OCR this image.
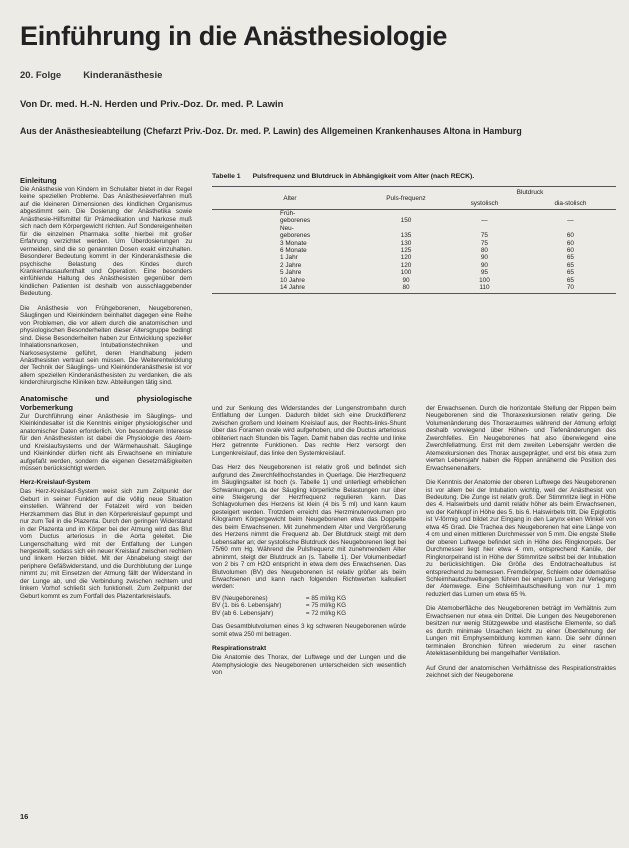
Einführung in die Anästhesiologie
20. Folge Kinderanästhesie
Von Dr. med. H.-N. Herden und Priv.-Doz. Dr. med. P. Lawin
Aus der Anästhesieabteilung (Chefarzt Priv.-Doz. Dr. med. P. Lawin) des Allgemeinen Krankenhauses Altona in Hamburg
Einleitung

Die Anästhesie von Kindern im Schulalter bietet in der Regel keine speziellen Probleme. Das Anästhesieverfahren muß auf die kleineren Dimensionen des kindlichen Organismus abgestimmt sein. Die Dosierung der Anästhetika sowie Anästhesie-Hilfsmittel für Prämedikation und Narkose muß sich nach dem Körpergewicht richten. Auf Sondereigenheiten für die einzelnen Pharmaka sollte hierbei mit großer Erfahrung verzichtet werden. Um Überdosierungen zu vermeiden, sind die so genannten Dosen exakt einzuhalten. Besonderer Bedeutung kommt in der Kinderanästhesie die psychische Belastung des Kindes durch Krankenhausaufenthalt und Operation. Eine besonders einfühlende Haltung des Anästhesisten gegenüber dem kindlichen Patienten ist deshalb von ausschlaggebender Bedeutung.

Die Anästhesie von Frühgeborenen, Neugeborenen, Säuglingen und Kleinkindern beinhaltet dagegen eine Reihe von Problemen, die vor allem durch die anatomischen und physiologischen Besonderheiten dieser Altersgruppe bedingt sind. Diese Besonderheiten haben zur Entwicklung spezieller Inhalationsnarkosen, Intubationstechniken und Narkosesysteme geführt, deren Handhabung jedem Anästhesisten vertraut sein müssen. Die Weiterentwicklung der Technik der Säuglings- und Kleinkinderanästhesie ist vor allem speziellen Kinderanästhesisten zu verdanken, die als kinderchirurgische Kliniken bzw. Abteilungen tätig sind.

Anatomische und physiologische Vorbemerkung

Zur Durchführung einer Anästhesie im Säuglings- und Kleinkindesalter ist die Kenntnis einiger physiologischer und anatomischer Daten erforderlich. Von besonderem Interesse für den Anästhesisten ist dabei die Physiologie des Atem- und Kreislaufsystems und der Wärmehaushalt. Säuglinge und Kleinkinder dürfen nicht als Erwachsene en miniature aufgefaßt werden, sondern die eigenen Gesetzmäßigkeiten müssen berücksichtigt werden.

Herz-Kreislauf-System

Das Herz-Kreislauf-System weist sich zum Zeitpunkt der Geburt in seiner Funktion auf die völlig neue Situation einstellen. Während der Fetalzeit wird von beiden Herzkammern das Blut in den Körperkreislauf gepumpt und nur zum Teil in die Plazenta. Durch den geringen Widerstand in der Plazenta und im Körper bei der Atmung wird das Blut vom Ductus arteriosus in die Aorta geleitet. Die Lungenschaltung wird mit der Entfaltung der Lungen hergestellt, sodass sich ein neuer Kreislauf zwischen rechtem und linkem Herzen bildet. Mit der Abnabelung steigt der periphere Gefäßwiderstand, und die Durchblutung der Lunge nimmt zu; mit Einsetzen der Atmung fällt der Widerstand in der Lunge ab, und die Verbindung zwischen rechtem und linkem Vorhof schließt sich funktionell. Zum Zeitpunkt der Geburt kommt es zum Fortfall des Plazentarkreislaufs.

Tabelle 1 Pulsfrequenz und Blutdruck in Abhängigkeit vom Alter (nach RECK).
Alter	Puls-frequenz	Blutdruck	
		systolisch	dia-stolisch
Früh-			
geborenes	150	—	—
Neu-			
geborenes	135	75	60
3 Monate	130	75	60
6 Monate	125	80	60
1 Jahr	120	90	65
2 Jahre	120	90	65
5 Jahre	100	95	65
10 Jahre	90	100	65
14 Jahre	80	110	70

und zur Senkung des Widerstandes der Lungenstrombahn durch Entfaltung der Lungen. Dadurch bildet sich eine Druckdifferenz zwischen großem und kleinem Kreislauf aus, der Rechts-links-Shunt über das Foramen ovale wird aufgehoben, und die Ductus arteriosus obliteriert nach Stunden bis Tagen. Damit haben das rechte und linke Herz getrennte Funktionen. Das rechte Herz versorgt den Lungenkreislauf, das linke den Systemkreislauf.

Das Herz des Neugeborenen ist relativ groß und befindet sich aufgrund des Zwerchfellhochstandes in Querlage. Die Herzfrequenz im Säuglingsalter ist hoch (s. Tabelle 1) und unterliegt erheblichen Schwankungen, da der Säugling körperliche Belastungen nur über eine Steigerung der Herzfrequenz regulieren kann. Das Schlagvolumen des Herzens ist klein (4 bis 5 ml) und kann kaum gesteigert werden. Trotzdem erreicht das Herzminutenvolumen pro Kilogramm Körpergewicht beim Neugeborenen etwa das Doppelte des beim Erwachsenen. Mit zunehmendem Alter und Vergrößerung des Herzens nimmt die Frequenz ab. Der Blutdruck steigt mit dem Lebensalter an; der systolische Blutdruck des Neugeborenen liegt bei 75/60 mm Hg. Während die Pulsfrequenz mit zunehmendem Alter abnimmt, steigt der Blutdruck an (s. Tabelle 1). Der Volumenbedarf von 2 bis 7 cm H2O entspricht in etwa dem des Erwachsenen. Das Blutvolumen (BV) des Neugeborenen ist relativ größer als beim Erwachsenen und kann nach folgenden Richtwerten kalkuliert werden:

BV (Neugeborenes)	= 85 ml/kg KG
BV (1. bis 6. Lebensjahr)	= 75 ml/kg KG
BV (ab 6. Lebensjahr)	= 72 ml/kg KG

Das Gesamtblutvolumen eines 3 kg schweren Neugeborenen würde somit etwa 250 ml betragen.

Respirationstrakt

Die Anatomie des Thorax, der Luftwege und der Lungen und die Atemphysiologie des Neugeborenen unterscheiden sich wesentlich von

der Erwachsenen. Durch die horizontale Stellung der Rippen beim Neugeborenen sind die Thoraxexkursionen relativ gering. Die Volumenänderung des Thoraxraumes während der Atmung erfolgt deshalb vorwiegend über Höhen- und Tiefenänderungen des Zwerchfelles. Ein Neugeborenes hat also überwiegend eine Zwerchfellatmung. Erst mit dem zweiten Lebensjahr werden die Atemexkursionen des Thorax ausgeprägter, und erst bis etwa zum vierten Lebensjahr haben die Rippen annähernd die Position des Erwachsenenalters.

Die Kenntnis der Anatomie der oberen Luftwege des Neugeborenen ist vor allem bei der Intubation wichtig, weil der Anästhesist von Bedeutung. Die Zunge ist relativ groß. Der Stimmritze liegt in Höhe des 4. Halswirbels und damit relativ höher als beim Erwachsenen, wo der Kehlkopf in Höhe des 5. bis 6. Halswirbels tritt. Die Epiglottis ist V-förmig und bildet zur Eingang in den Larynx einen Winkel von etwa 45 Grad. Die Trachea des Neugeborenen hat eine Länge von 4 cm und einen mittleren Durchmesser von 5 mm. Die engste Stelle der oberen Luftwege befindet sich in Höhe des Ringknorpels. Der Durchmesser liegt hier etwa 4 mm, entsprechend Kanüle, der Ringknorpelrand ist in Höhe der Stimmritze selbst bei der Intubation zu berücksichtigen. Die Größe des Endotrachealtubus ist entsprechend zu bemessen. Fremdkörper, Schleim oder ödematöse Schleimhautschwellungen führen bei engem Lumen zur Verlegung der Atemwege. Eine Schleimhautschwellung von nur 1 mm reduziert das Lumen um etwa 65 %.

Die Atemoberfläche des Neugeborenen beträgt im Verhältnis zum Erwachsenen nur etwa ein Drittel. Die Lungen des Neugeborenen besitzen nur wenig Stützgewebe und elastische Elemente, so daß es durch minimale Ursachen leicht zu einer Überdehnung der Lungen mit Emphysembildung kommen kann. Die sehr dünnen terminalen Bronchien führen wiederum zu einer raschen Atelektasenbildung bei mangelhafter Ventilation.

Auf Grund der anatomischen Verhältnisse des Respirationstraktes zeichnet sich der Neugeborene

16
